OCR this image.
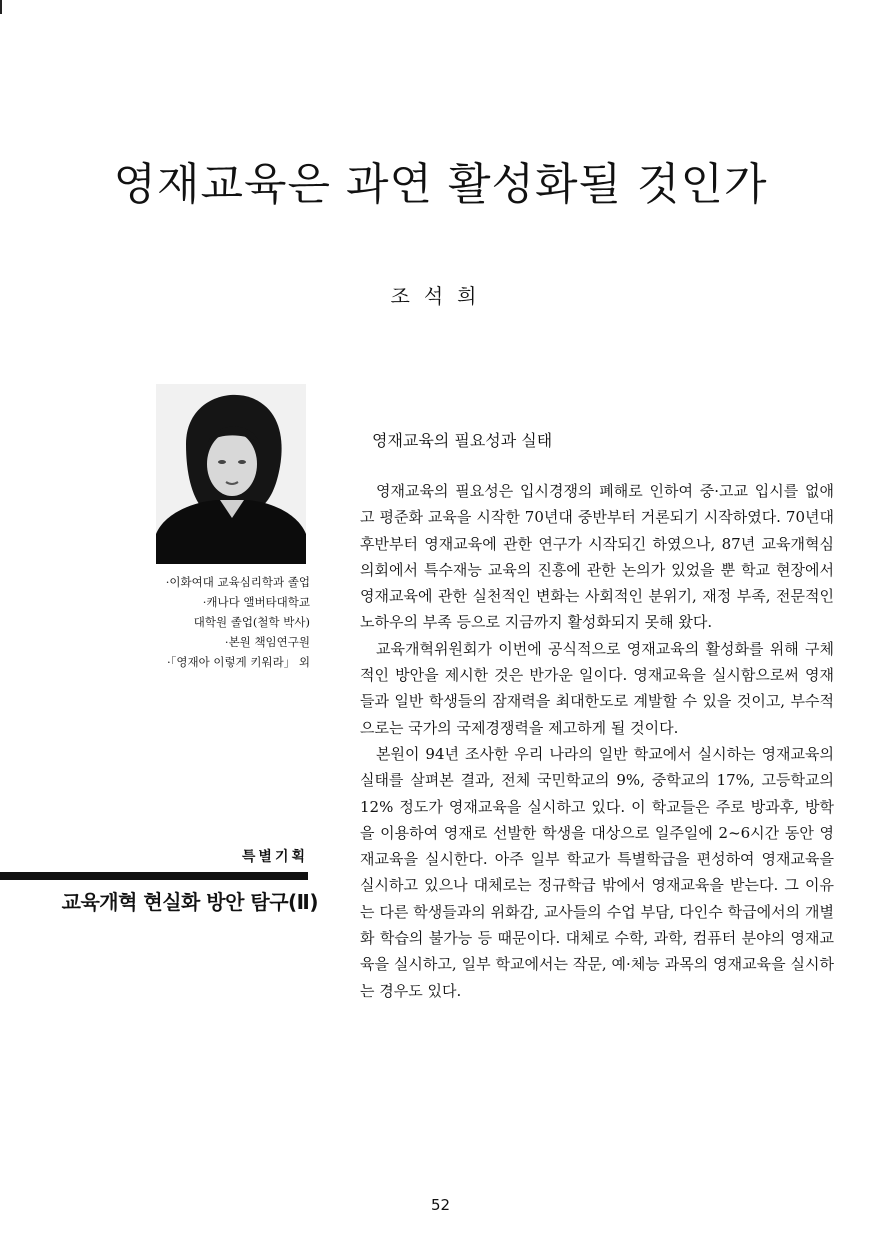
영재교육은 과연 활성화될 것인가
조석희
·이화여대 교육심리학과 졸업
·캐나다 앨버타대학교
대학원 졸업(철학 박사)
·본원 책임연구원
·「영재아 이렇게 키워라」 외
특별기획
교육개혁 현실화 방안 탐구(Ⅱ)
영재교육의 필요성과 실태

영재교육의 필요성은 입시경쟁의 폐해로 인하여 중·고교 입시를 없애고 평준화 교육을 시작한 70년대 중반부터 거론되기 시작하였다. 70년대 후반부터 영재교육에 관한 연구가 시작되긴 하였으나, 87년 교육개혁심의회에서 특수재능 교육의 진흥에 관한 논의가 있었을 뿐 학교 현장에서 영재교육에 관한 실천적인 변화는 사회적인 분위기, 재정 부족, 전문적인 노하우의 부족 등으로 지금까지 활성화되지 못해 왔다.

교육개혁위원회가 이번에 공식적으로 영재교육의 활성화를 위해 구체적인 방안을 제시한 것은 반가운 일이다. 영재교육을 실시함으로써 영재들과 일반 학생들의 잠재력을 최대한도로 계발할 수 있을 것이고, 부수적으로는 국가의 국제경쟁력을 제고하게 될 것이다.

본원이 94년 조사한 우리 나라의 일반 학교에서 실시하는 영재교육의 실태를 살펴본 결과, 전체 국민학교의 9%, 중학교의 17%, 고등학교의 12% 정도가 영재교육을 실시하고 있다. 이 학교들은 주로 방과후, 방학을 이용하여 영재로 선발한 학생을 대상으로 일주일에 2~6시간 동안 영재교육을 실시한다. 아주 일부 학교가 특별학급을 편성하여 영재교육을 실시하고 있으나 대체로는 정규학급 밖에서 영재교육을 받는다. 그 이유는 다른 학생들과의 위화감, 교사들의 수업 부담, 다인수 학급에서의 개별화 학습의 불가능 등 때문이다. 대체로 수학, 과학, 컴퓨터 분야의 영재교육을 실시하고, 일부 학교에서는 작문, 예·체능 과목의 영재교육을 실시하는 경우도 있다.

52
